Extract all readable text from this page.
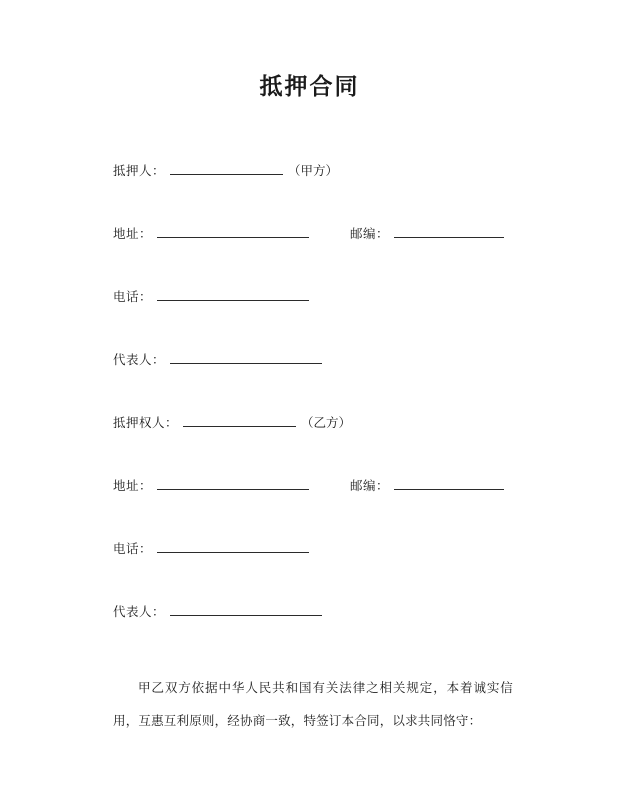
抵押合同
抵押人：	（甲方）
地址：	邮编：
电话：
代表人：
抵押权人：	（乙方）
地址：	邮编：
电话：
代表人：

甲乙双方依据中华人民共和国有关法律之相关规定，本着诚实信用，互惠互利原则，经协商一致，特签订本合同，以求共同恪守：
